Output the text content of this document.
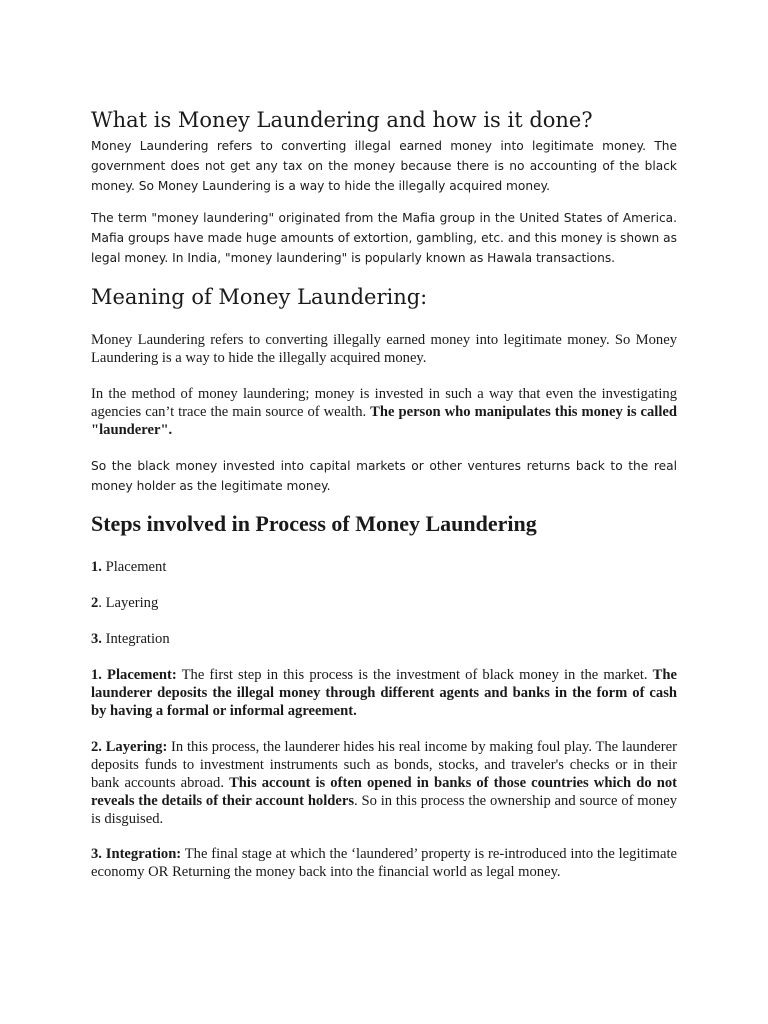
What is Money Laundering and how is it done?

Money Laundering refers to converting illegal earned money into legitimate money. The government does not get any tax on the money because there is no accounting of the black money. So Money Laundering is a way to hide the illegally acquired money.

The term "money laundering" originated from the Mafia group in the United States of America. Mafia groups have made huge amounts of extortion, gambling, etc. and this money is shown as legal money. In India, "money laundering" is popularly known as Hawala transactions.

Meaning of Money Laundering:

Money Laundering refers to converting illegally earned money into legitimate money. So Money Laundering is a way to hide the illegally acquired money.

In the method of money laundering; money is invested in such a way that even the investigating agencies can’t trace the main source of wealth. The person who manipulates this money is called "launderer".

So the black money invested into capital markets or other ventures returns back to the real money holder as the legitimate money.

Steps involved in Process of Money Laundering

1. Placement

2. Layering

3. Integration

1. Placement: The first step in this process is the investment of black money in the market. The launderer deposits the illegal money through different agents and banks in the form of cash by having a formal or informal agreement.

2. Layering: In this process, the launderer hides his real income by making foul play. The launderer deposits funds to investment instruments such as bonds, stocks, and traveler's checks or in their bank accounts abroad. This account is often opened in banks of those countries which do not reveals the details of their account holders. So in this process the ownership and source of money is disguised.

3. Integration: The final stage at which the ‘laundered’ property is re-introduced into the legitimate economy OR Returning the money back into the financial world as legal money.
